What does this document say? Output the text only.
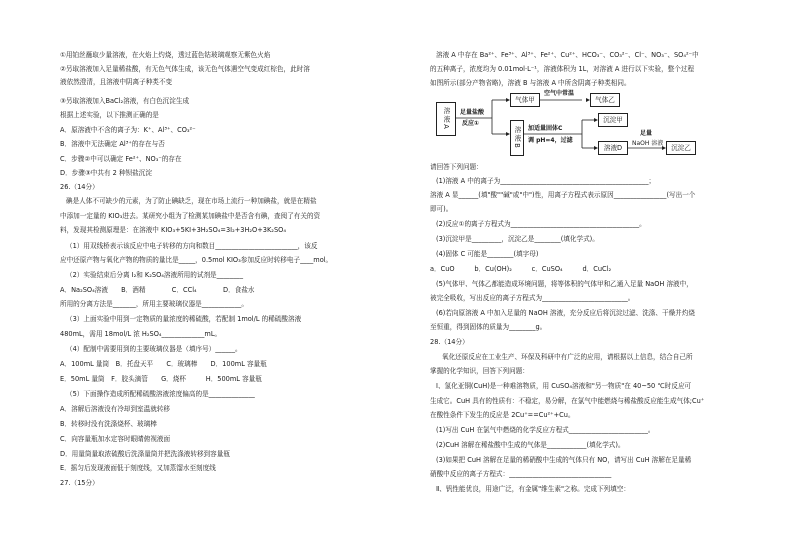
①用铂丝蘸取少量溶液，在火焰上灼烧，透过蓝色钴玻璃观察无紫色火焰
②另取溶液加入足量稀盐酸，有无色气体生成，该无色气体遇空气变成红棕色，此时溶
液依然澄清，且溶液中阴离子种类不变
③另取溶液加入BaCl₂溶液，有白色沉淀生成
根据上述实验，以下推测正确的是
A．原溶液中不含的离子为：K⁺、Al³⁺、CO₃²⁻
B．溶液中无法确定 Al³⁺的存在与否
C．步骤②中可以确定 Fe²⁺、NO₃⁻的存在
D．步骤③中共有 2 种钡盐沉淀
26.（14分）
碘是人体不可缺少的元素，为了防止碘缺乏，现在市场上流行一种加碘盐，就是在精盐
中添加一定量的 KIO₃进去。某研究小组为了检测某加碘盐中是否含有碘，查阅了有关的资
料，发现其检测原理是：在溶液中 KIO₃+5KI+3H₂SO₄=3I₂+3H₂O+3K₂SO₄
（1）用双线桥表示该反应中电子转移的方向和数目_________________________，该反
应中还原产物与氧化产物的物质的量比是_____，0.5mol KIO₃参加反应时转移电子____mol。
（2）实验结束后分离 I₂和 K₂SO₄溶液所用的试剂是________
A．Na₂SO₄溶液　　B．酒精　　　　C．CCl₄　　　　D．食盐水
所用的分离方法是_______，所用主要玻璃仪器是____________。
（3）上面实验中用到一定物质的量浓度的稀硫酸，若配制 1mol/L 的稀硫酸溶液
480mL，需用 18mol/L 浓 H₂SO₄_____________mL。
（4）配制中需要用到的主要玻璃仪器是（填序号）______。
A．100mL 量筒　B．托盘天平　　C．玻璃棒　　D．100mL 容量瓶
E．50mL 量筒　F．胶头滴管　　G．烧杯　　　H．500mL 容量瓶
（5）下面操作造成所配稀硫酸溶液浓度偏高的是______________
A．溶解后溶液没有冷却到室温就转移
B．转移时没有洗涤烧杯、玻璃棒
C．向容量瓶加水定容时眼睛俯视液面
D．用量筒量取浓硫酸后洗涤量筒并把洗涤液转移到容量瓶
E．摇匀后发现液面低于刻度线，又加蒸馏水至刻度线
27.（15分）
溶液 A 中存在 Ba²⁺、Fe³⁺、Al³⁺、Fe²⁺、Cu²⁺、HCO₃⁻、CO₃²⁻、Cl⁻、NO₃⁻、SO₄²⁻中
的五种离子，浓度均为 0.01mol·L⁻¹，溶液体积为 1L，对溶液 A 进行以下实验，整个过程
如图所示(部分产物省略)，溶液 B 与溶液 A 中所含阴离子种类相同。
溶液A	足量盐酸
反应①
气体甲
空气中常温
气体乙
溶液B	加适量固体C
调 pH=4，过滤
沉淀甲
溶液D
足量
NaOH 溶液
沉淀乙
请回答下列问题：
(1)溶液 A 中的离子为_____________________________________________；
溶液 A 显______(填"酸""碱"或"中")性，用离子方程式表示原因________________(写出一个
即可)。
(2)反应①的离子方程式为_______________________________________。
(3)沉淀甲是_________，沉淀乙是________(填化学式)。
(4)固体 C 可能是________(填字母)
a．CuO　　　b．Cu(OH)₂　　　c．CuSO₄　　　d．CuCl₂
(5)气体甲、气体乙都能造成环境问题，将等体积的气体甲和乙通入足量 NaOH 溶液中，
被完全吸收，写出反应的离子方程式为__________________________。
(6)若向原溶液 A 中加入足量的 NaOH 溶液，充分反应后将沉淀过滤、洗涤、干燥并灼烧
至恒重，得到固体的质量为________g。
28.（14分）
氧化还原反应在工业生产、环保及科研中有广泛的应用，请根据以上信息，结合自己所
掌握的化学知识，回答下列问题：
Ⅰ、氢化亚铜(CuH)是一种难溶物质，用 CuSO₄溶液和"另一物质"在 40~50 ℃时反应可
生成它。CuH 具有的性质有：不稳定，易分解，在氯气中能燃烧与稀盐酸反应能生成气体;Cu⁺
在酸性条件下发生的反应是 2Cu⁺==Cu²⁺+Cu。
(1)写出 CuH 在氯气中燃烧的化学反应方程式________________________。
(2)CuH 溶解在稀盐酸中生成的气体是____________(填化学式)。
(3)如果把 CuH 溶解在足量的稀硝酸中生成的气体只有 NO，请写出 CuH 溶解在足量稀
硝酸中反应的离子方程式：_______________________________
Ⅱ、钒性能优良，用途广泛，有金属"维生素"之称。完成下列填空：
